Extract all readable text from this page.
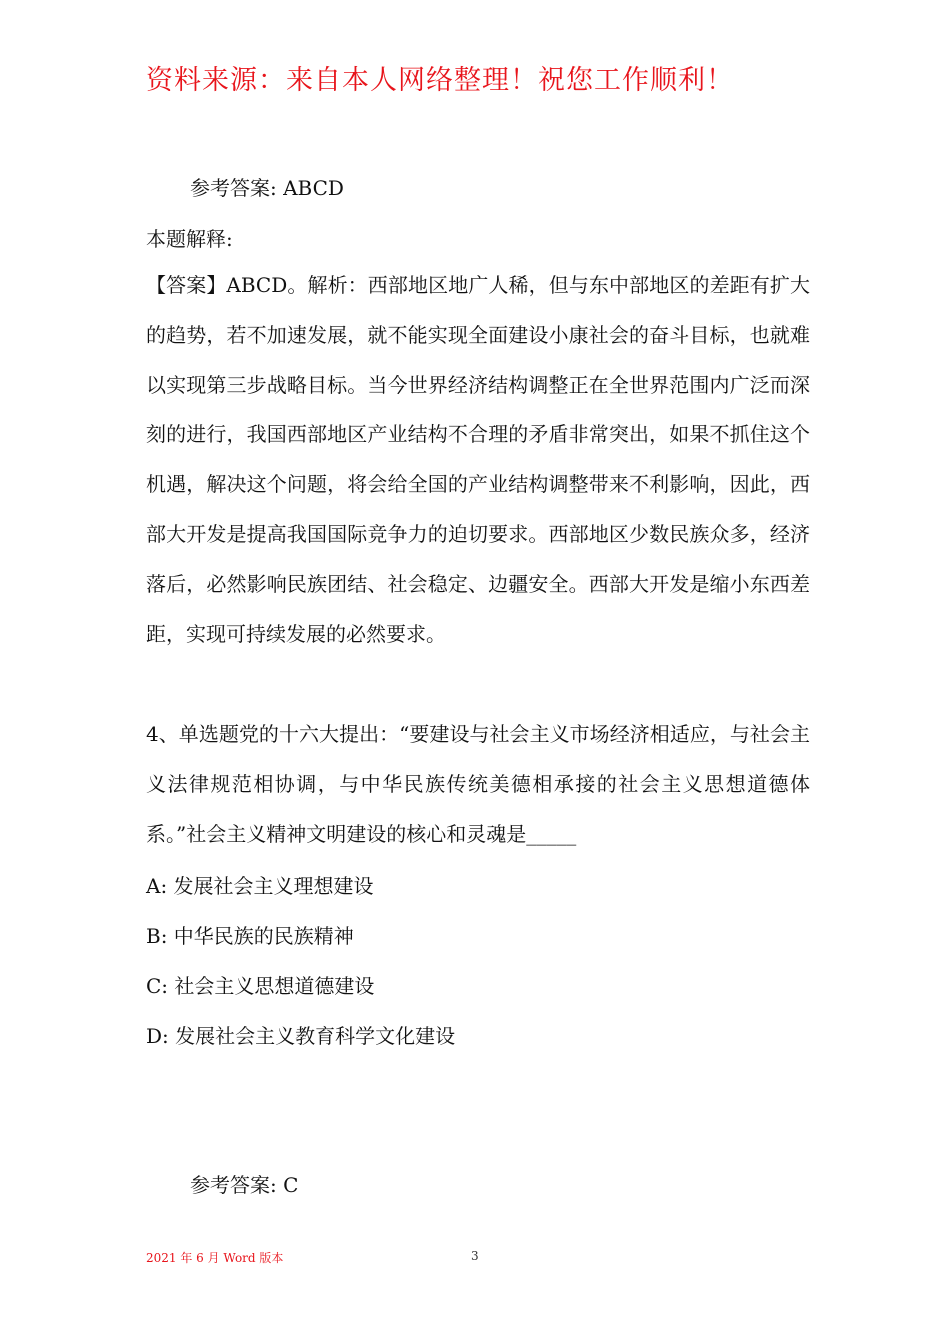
资料来源：来自本人网络整理！祝您工作顺利！
参考答案: ABCD
本题解释:
【答案】ABCD。解析：西部地区地广人稀，但与东中部地区的差距有扩大的趋势，若不加速发展，就不能实现全面建设小康社会的奋斗目标，也就难以实现第三步战略目标。当今世界经济结构调整正在全世界范围内广泛而深刻的进行，我国西部地区产业结构不合理的矛盾非常突出，如果不抓住这个机遇，解决这个问题，将会给全国的产业结构调整带来不利影响，因此，西部大开发是提高我国国际竞争力的迫切要求。西部地区少数民族众多，经济落后，必然影响民族团结、社会稳定、边疆安全。西部大开发是缩小东西差距，实现可持续发展的必然要求。
4、单选题党的十六大提出：“要建设与社会主义市场经济相适应，与社会主义法律规范相协调，与中华民族传统美德相承接的社会主义思想道德体系。”社会主义精神文明建设的核心和灵魂是_____
A: 发展社会主义理想建设
B: 中华民族的民族精神
C: 社会主义思想道德建设
D: 发展社会主义教育科学文化建设
参考答案: C
2021 年 6 月 Word 版本	3
